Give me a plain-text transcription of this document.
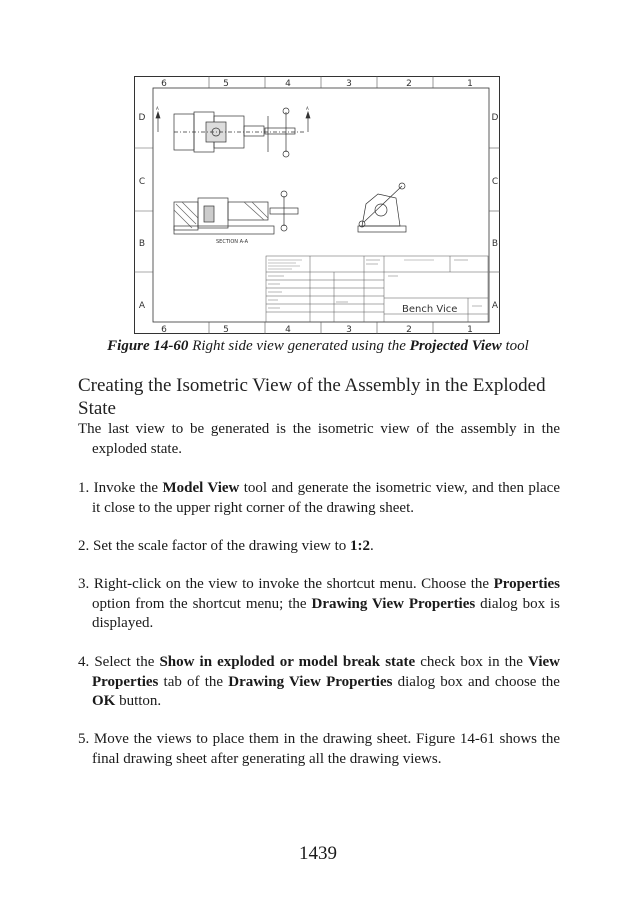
6	5	4	3	2	1
6	5	4	3	2	1
D
C
B
A
D
C
B
A
A	A
SECTION A-A
Bench Vice
Figure 14-60 Right side view generated using the Projected View tool
Creating the Isometric View of the Assembly in the Exploded State
The last view to be generated is the isometric view of the assembly in the exploded state.
1. Invoke the Model View tool and generate the isometric view, and then place it close to the upper right corner of the drawing sheet.
2. Set the scale factor of the drawing view to 1:2.
3. Right-click on the view to invoke the shortcut menu. Choose the Properties option from the shortcut menu; the Drawing View Properties dialog box is displayed.
4. Select the Show in exploded or model break state check box in the View Properties tab of the Drawing View Properties dialog box and choose the OK button.
5. Move the views to place them in the drawing sheet. Figure 14-61 shows the final drawing sheet after generating all the drawing views.
1439
